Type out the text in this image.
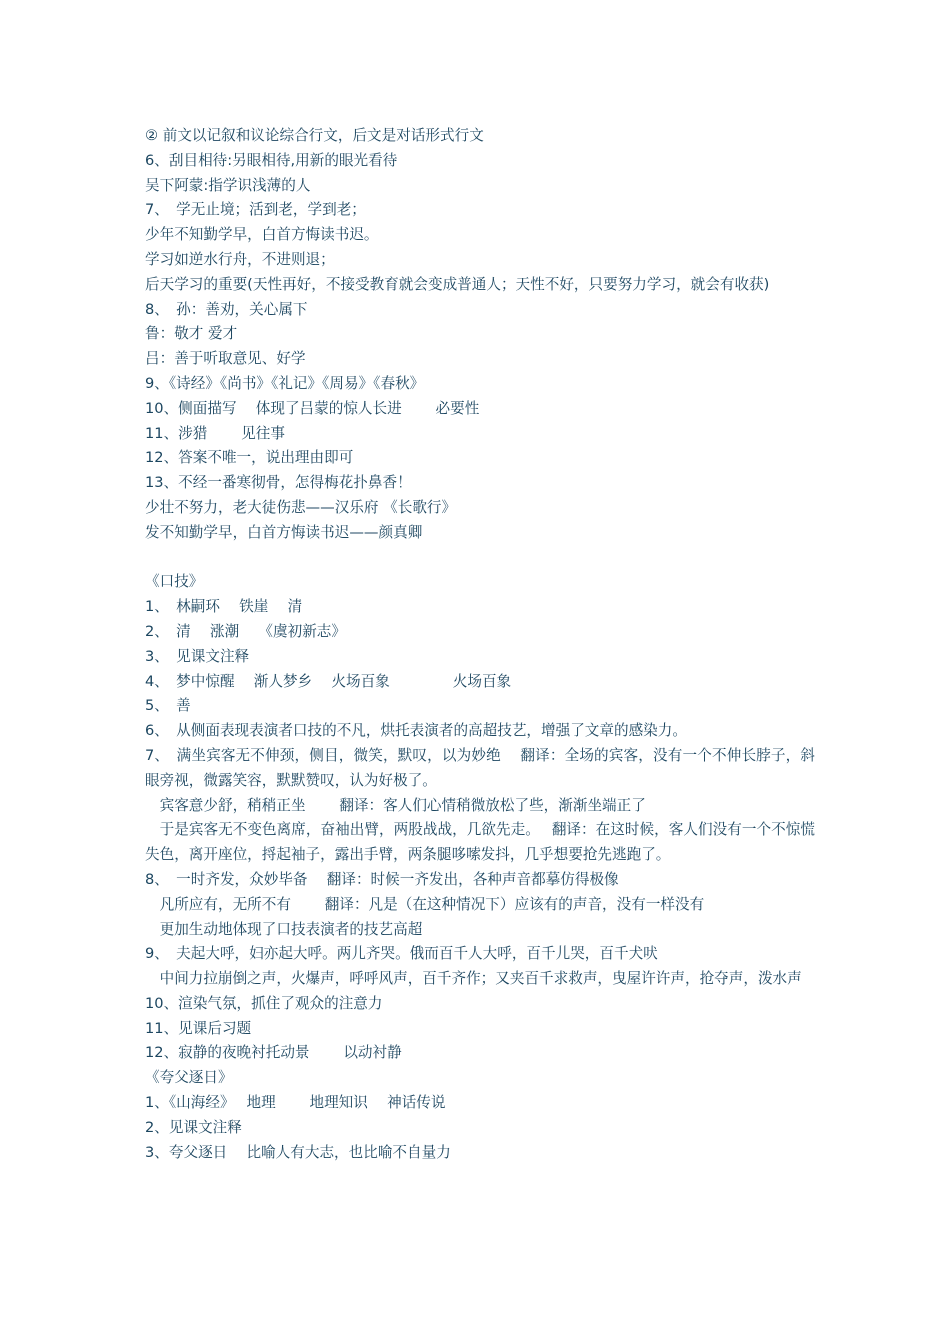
② 前文以记叙和议论综合行文，后文是对话形式行文

6、刮目相待:另眼相待,用新的眼光看待

吴下阿蒙:指学识浅薄的人

7、　学无止境；活到老，学到老；

少年不知勤学早，白首方悔读书迟。

学习如逆水行舟，不进则退；

后天学习的重要(天性再好，不接受教育就会变成普通人；天性不好，只要努力学习，就会有收获)

8、　孙：善劝，关心属下

鲁：敬才 爱才

吕：善于听取意见、好学

9、《诗经》《尚书》《礼记》《周易》《春秋》

10、侧面描写　 体现了吕蒙的惊人长进　　 必要性

11、涉猎　　 见往事

12、答案不唯一，说出理由即可

13、不经一番寒彻骨，怎得梅花扑鼻香！

少壮不努力，老大徒伤悲——汉乐府 《长歌行》

发不知勤学早，白首方悔读书迟——颜真卿

《口技》

1、　林嗣环　 铁崖　 清

2、　清　 涨潮　 《虞初新志》

3、　见课文注释

4、　梦中惊醒　 渐人梦乡　 火场百象　　　　 火场百象

5、　善

6、　从侧面表现表演者口技的不凡，烘托表演者的高超技艺，增强了文章的感染力。

7、　满坐宾客无不伸颈，侧目，微笑，默叹，以为妙绝　 翻译：全场的宾客，没有一个不伸长脖子，斜眼旁视，微露笑容，默默赞叹，认为好极了。

　宾客意少舒，稍稍正坐　　 翻译：客人们心情稍微放松了些，渐渐坐端正了

　于是宾客无不变色离席，奋袖出臂，两股战战，几欲先走。　 翻译：在这时候，客人们没有一个不惊慌失色，离开座位，捋起袖子，露出手臂，两条腿哆嗦发抖，几乎想要抢先逃跑了。

8、　一时齐发，众妙毕备　 翻译：时候一齐发出，各种声音都摹仿得极像

　凡所应有，无所不有　　 翻译：凡是（在这种情况下）应该有的声音，没有一样没有

　更加生动地体现了口技表演者的技艺高超

9、　夫起大呼，妇亦起大呼。两儿齐哭。俄而百千人大呼，百千儿哭，百千犬吠

　中间力拉崩倒之声，火爆声，呼呼风声，百千齐作；又夹百千求救声，曳屋许许声，抢夺声，泼水声

10、渲染气氛，抓住了观众的注意力

11、见课后习题

12、寂静的夜晚衬托动景　　 以动衬静

《夸父逐日》

1、《山海经》　 地理　　 地理知识　 神话传说

2、见课文注释

3、夸父逐日　 比喻人有大志，也比喻不自量力
